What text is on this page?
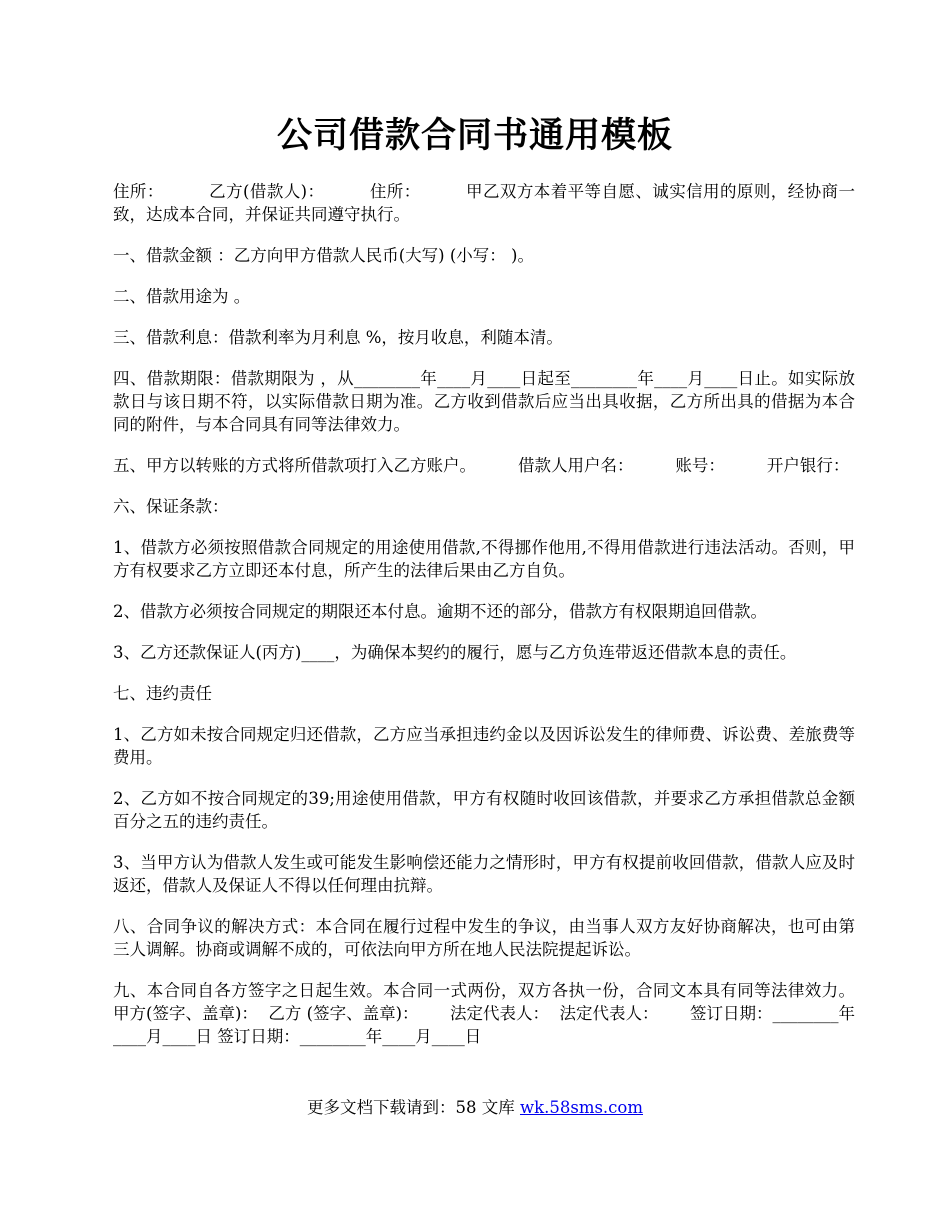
公司借款合同书通用模板

住所：        乙方(借款人)：        住所：        甲乙双方本着平等自愿、诚实信用的原则，经协商一致，达成本合同，并保证共同遵守执行。

一、借款金额 ：乙方向甲方借款人民币(大写) (小写： )。

二、借款用途为 。

三、借款利息：借款利率为月利息 %，按月收息，利随本清。

四、借款期限：借款期限为 ，从________年____月____日起至________年____月____日止。如实际放款日与该日期不符，以实际借款日期为准。乙方收到借款后应当出具收据，乙方所出具的借据为本合同的附件，与本合同具有同等法律效力。

五、甲方以转账的方式将所借款项打入乙方账户。        借款人用户名：        账号：        开户银行：

六、保证条款：

1、借款方必须按照借款合同规定的用途使用借款,不得挪作他用,不得用借款进行违法活动。否则，甲方有权要求乙方立即还本付息，所产生的法律后果由乙方自负。

2、借款方必须按合同规定的期限还本付息。逾期不还的部分，借款方有权限期追回借款。

3、乙方还款保证人(丙方)____，为确保本契约的履行，愿与乙方负连带返还借款本息的责任。

七、违约责任

1、乙方如未按合同规定归还借款，乙方应当承担违约金以及因诉讼发生的律师费、诉讼费、差旅费等费用。

2、乙方如不按合同规定的39;用途使用借款，甲方有权随时收回该借款，并要求乙方承担借款总金额百分之五的违约责任。

3、当甲方认为借款人发生或可能发生影响偿还能力之情形时，甲方有权提前收回借款，借款人应及时返还，借款人及保证人不得以任何理由抗辩。

八、合同争议的解决方式：本合同在履行过程中发生的争议，由当事人双方友好协商解决，也可由第三人调解。协商或调解不成的，可依法向甲方所在地人民法院提起诉讼。

九、本合同自各方签字之日起生效。本合同一式两份，双方各执一份，合同文本具有同等法律效力。      甲方(签字、盖章)：  乙方 (签字、盖章)：      法定代表人：  法定代表人：      签订日期：________年____月____日 签订日期：________年____月____日

更多文档下载请到：58 文库 wk.58sms.com
